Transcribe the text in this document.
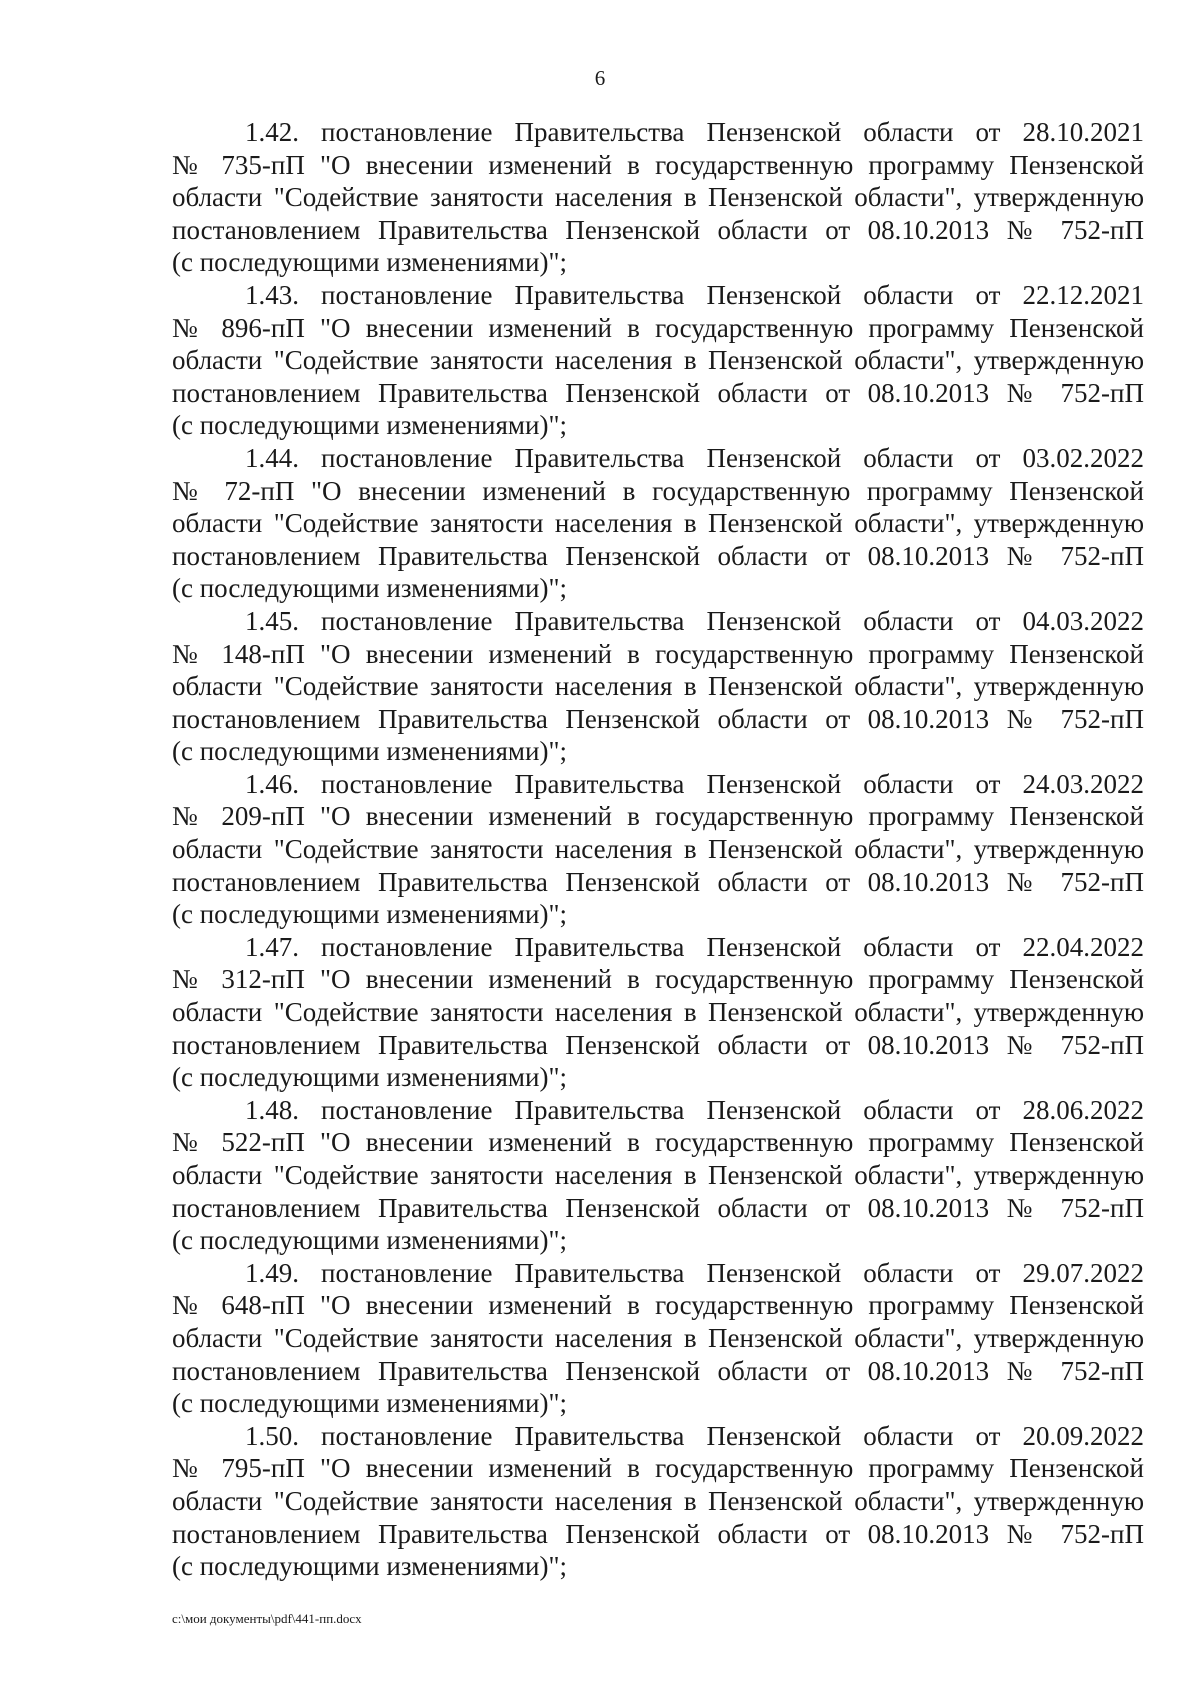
6
1.42. постановление Правительства Пензенской области от 28.10.2021
№ 735-пП "О внесении изменений в государственную программу Пензенской
области "Содействие занятости населения в Пензенской области", утвержденную
постановлением Правительства Пензенской области от 08.10.2013 № 752-пП
(с последующими изменениями)";
1.43. постановление Правительства Пензенской области от 22.12.2021
№ 896-пП "О внесении изменений в государственную программу Пензенской
области "Содействие занятости населения в Пензенской области", утвержденную
постановлением Правительства Пензенской области от 08.10.2013 № 752-пП
(с последующими изменениями)";
1.44. постановление Правительства Пензенской области от 03.02.2022
№ 72-пП "О внесении изменений в государственную программу Пензенской
области "Содействие занятости населения в Пензенской области", утвержденную
постановлением Правительства Пензенской области от 08.10.2013 № 752-пП
(с последующими изменениями)";
1.45. постановление Правительства Пензенской области от 04.03.2022
№ 148-пП "О внесении изменений в государственную программу Пензенской
области "Содействие занятости населения в Пензенской области", утвержденную
постановлением Правительства Пензенской области от 08.10.2013 № 752-пП
(с последующими изменениями)";
1.46. постановление Правительства Пензенской области от 24.03.2022
№ 209-пП "О внесении изменений в государственную программу Пензенской
области "Содействие занятости населения в Пензенской области", утвержденную
постановлением Правительства Пензенской области от 08.10.2013 № 752-пП
(с последующими изменениями)";
1.47. постановление Правительства Пензенской области от 22.04.2022
№ 312-пП "О внесении изменений в государственную программу Пензенской
области "Содействие занятости населения в Пензенской области", утвержденную
постановлением Правительства Пензенской области от 08.10.2013 № 752-пП
(с последующими изменениями)";
1.48. постановление Правительства Пензенской области от 28.06.2022
№ 522-пП "О внесении изменений в государственную программу Пензенской
области "Содействие занятости населения в Пензенской области", утвержденную
постановлением Правительства Пензенской области от 08.10.2013 № 752-пП
(с последующими изменениями)";
1.49. постановление Правительства Пензенской области от 29.07.2022
№ 648-пП "О внесении изменений в государственную программу Пензенской
области "Содействие занятости населения в Пензенской области", утвержденную
постановлением Правительства Пензенской области от 08.10.2013 № 752-пП
(с последующими изменениями)";
1.50. постановление Правительства Пензенской области от 20.09.2022
№ 795-пП "О внесении изменений в государственную программу Пензенской
области "Содействие занятости населения в Пензенской области", утвержденную
постановлением Правительства Пензенской области от 08.10.2013 № 752-пП
(с последующими изменениями)";
c:\мои документы\pdf\441-пп.docx
